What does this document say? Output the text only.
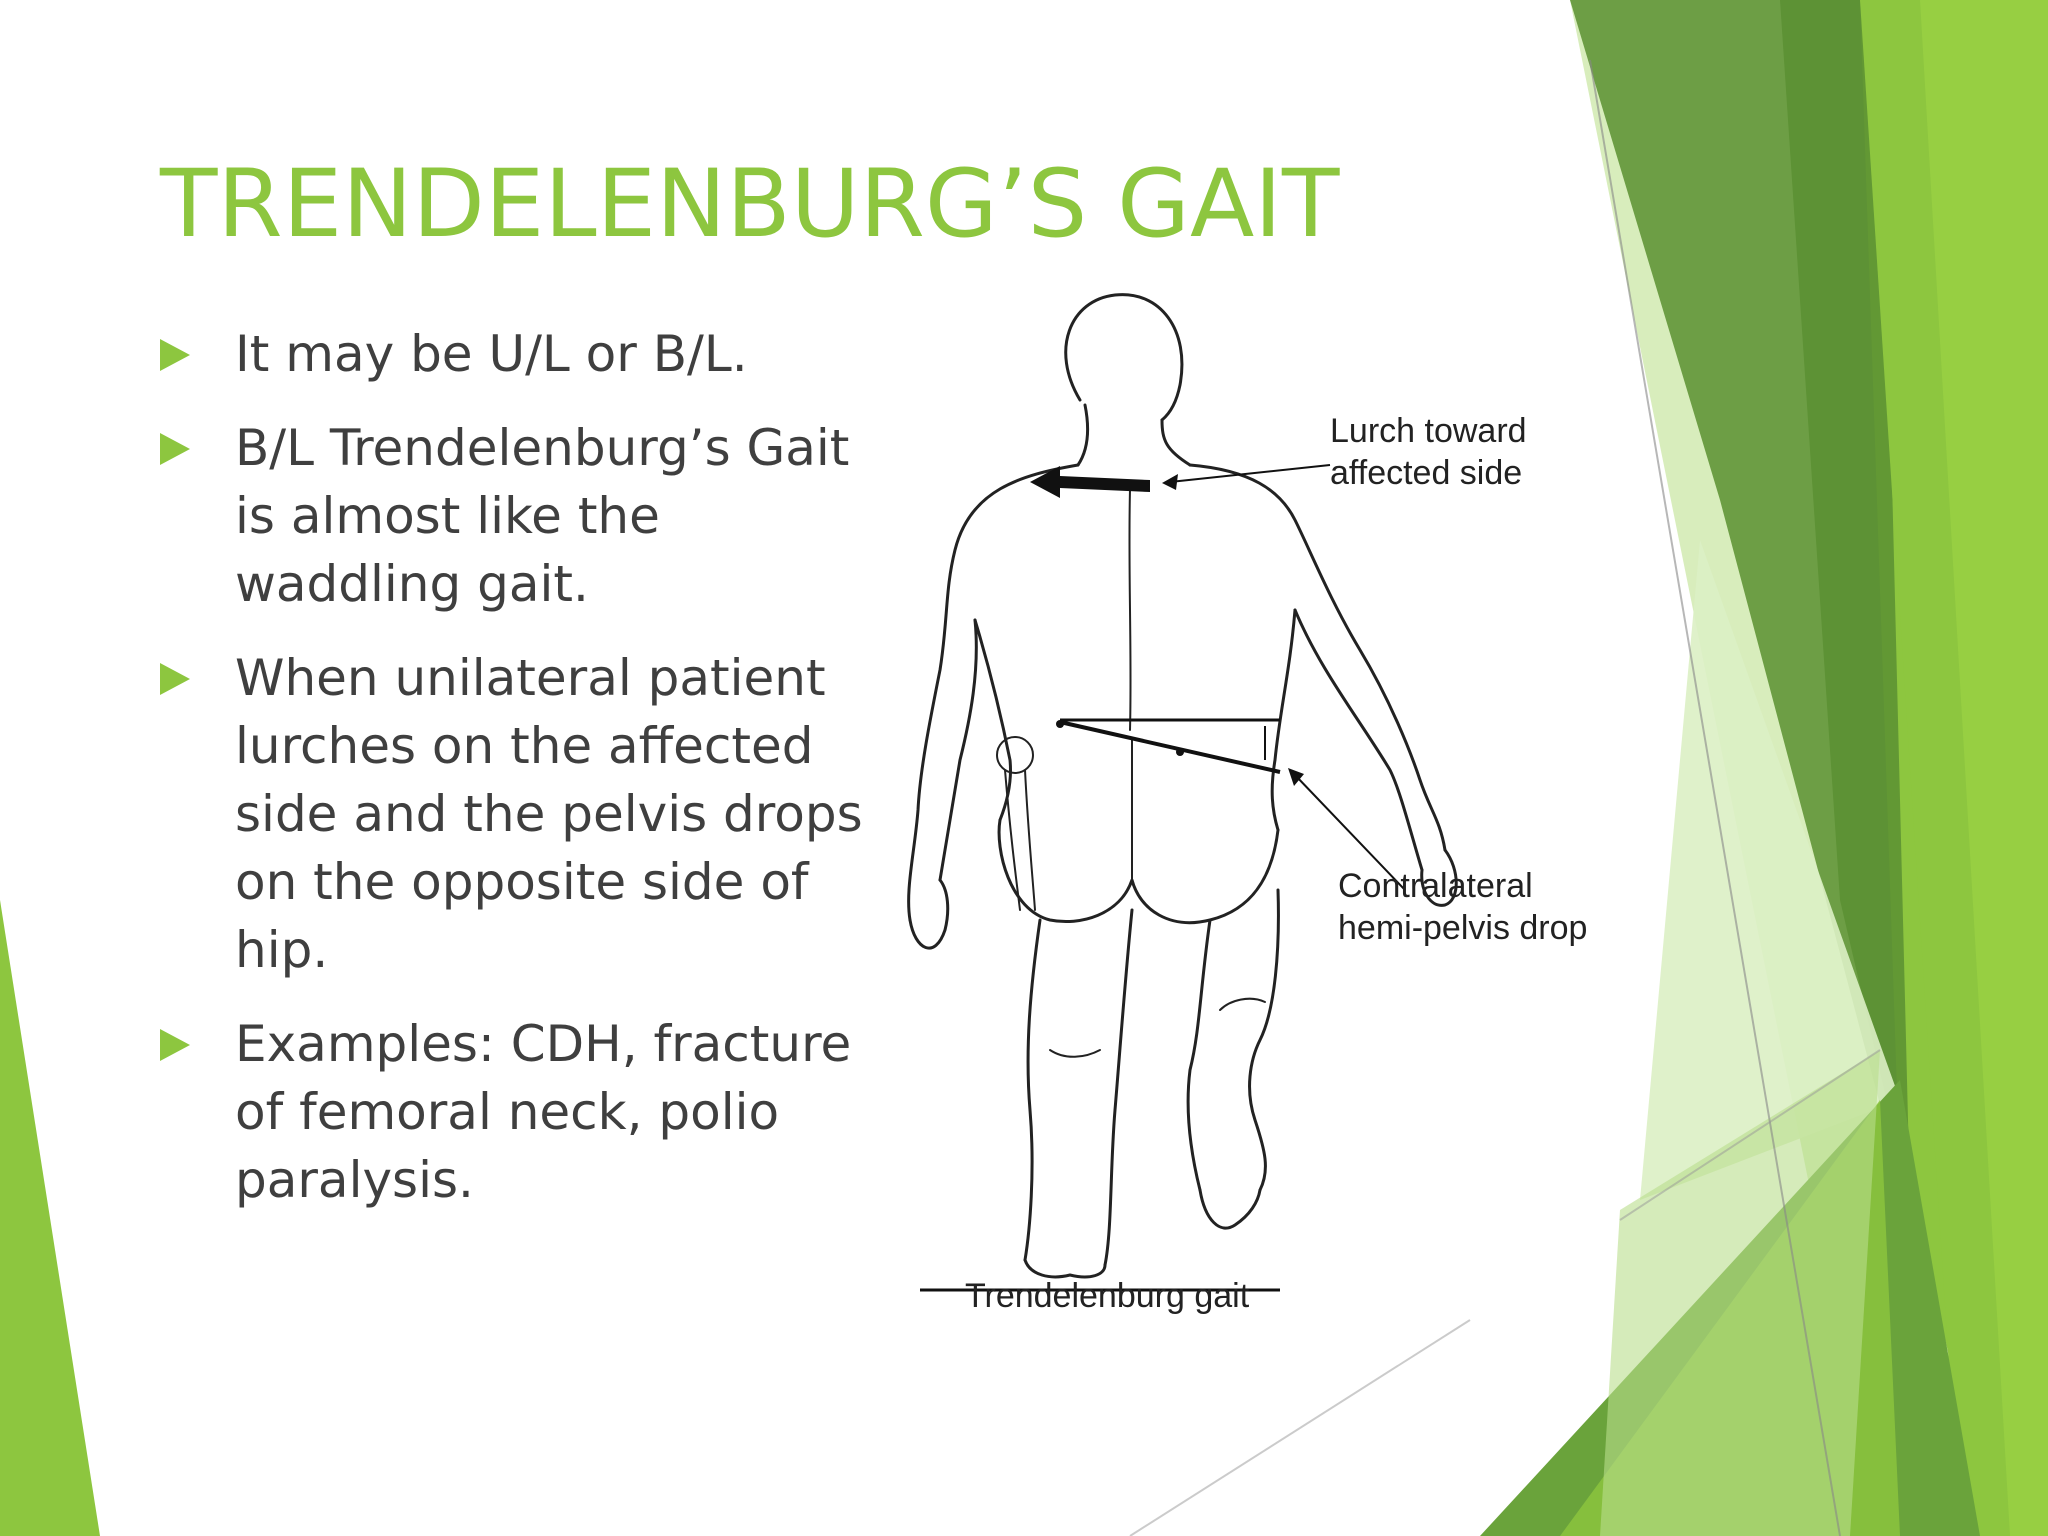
TRENDELENBURG’S GAIT
It may be U/L or B/L.
B/L Trendelenburg’s Gait is almost like the waddling gait.
When unilateral patient lurches on the affected side and the pelvis drops on the opposite side of hip.
Examples: CDH, fracture of femoral neck, polio paralysis.
Lurch toward
affected side
Contralateral
hemi-pelvis drop
Trendelenburg gait
